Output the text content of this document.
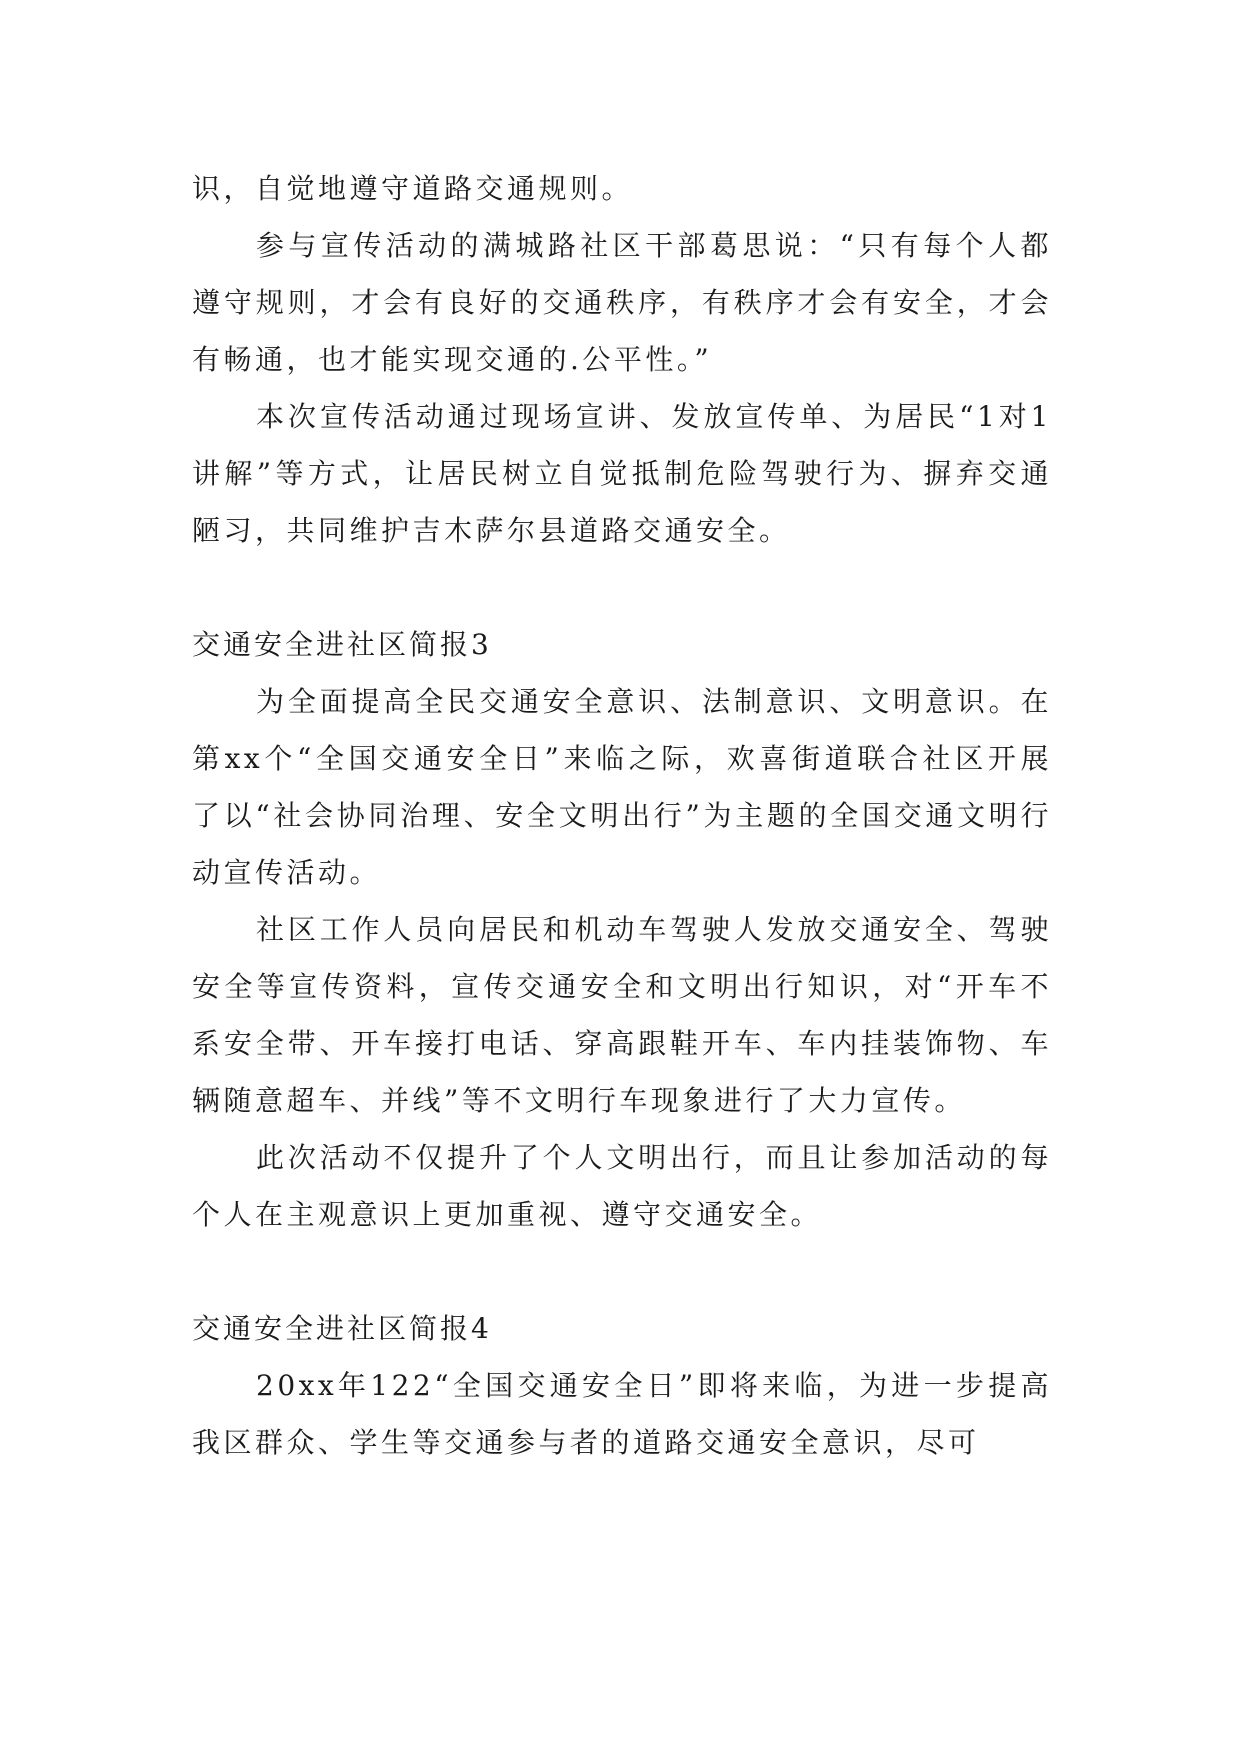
识，自觉地遵守道路交通规则。

参与宣传活动的满城路社区干部葛思说：“只有每个人都遵守规则，才会有良好的交通秩序，有秩序才会有安全，才会有畅通，也才能实现交通的.公平性。”

本次宣传活动通过现场宣讲、发放宣传单、为居民“1对1讲解”等方式，让居民树立自觉抵制危险驾驶行为、摒弃交通陋习，共同维护吉木萨尔县道路交通安全。

交通安全进社区简报3

为全面提高全民交通安全意识、法制意识、文明意识。在第xx个“全国交通安全日”来临之际，欢喜街道联合社区开展了以“社会协同治理、安全文明出行”为主题的全国交通文明行动宣传活动。

社区工作人员向居民和机动车驾驶人发放交通安全、驾驶安全等宣传资料，宣传交通安全和文明出行知识，对“开车不系安全带、开车接打电话、穿高跟鞋开车、车内挂装饰物、车辆随意超车、并线”等不文明行车现象进行了大力宣传。

此次活动不仅提升了个人文明出行，而且让参加活动的每个人在主观意识上更加重视、遵守交通安全。

交通安全进社区简报4

20xx年122“全国交通安全日”即将来临，为进一步提高我区群众、学生等交通参与者的道路交通安全意识，尽可
